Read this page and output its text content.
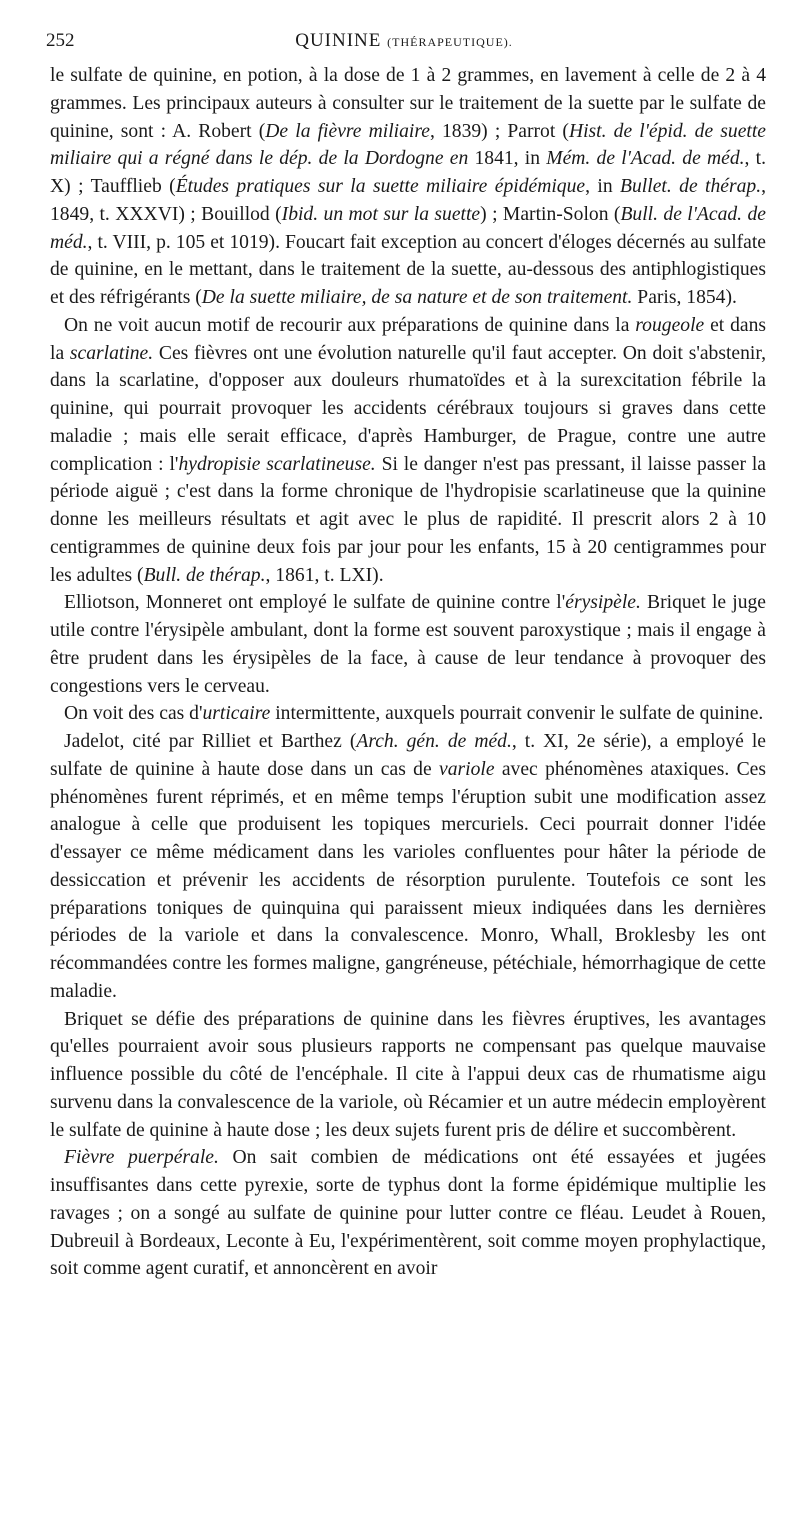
252	QUININE (THÉRAPEUTIQUE).

le sulfate de quinine, en potion, à la dose de 1 à 2 grammes, en lavement à celle de 2 à 4 grammes. Les principaux auteurs à consulter sur le traitement de la suette par le sulfate de quinine, sont : A. Robert (De la fièvre miliaire, 1839) ; Parrot (Hist. de l'épid. de suette miliaire qui a régné dans le dép. de la Dordogne en 1841, in Mém. de l'Acad. de méd., t. X) ; Taufflieb (Études pratiques sur la suette miliaire épidémique, in Bullet. de thérap., 1849, t. XXXVI) ; Bouillod (Ibid. un mot sur la suette) ; Martin-Solon (Bull. de l'Acad. de méd., t. VIII, p. 105 et 1019). Foucart fait exception au concert d'éloges décernés au sulfate de quinine, en le mettant, dans le traitement de la suette, au-dessous des antiphlogistiques et des réfrigérants (De la suette miliaire, de sa nature et de son traitement. Paris, 1854).

On ne voit aucun motif de recourir aux préparations de quinine dans la rougeole et dans la scarlatine. Ces fièvres ont une évolution naturelle qu'il faut accepter. On doit s'abstenir, dans la scarlatine, d'opposer aux douleurs rhumatoïdes et à la surexcitation fébrile la quinine, qui pourrait provoquer les accidents cérébraux toujours si graves dans cette maladie ; mais elle serait efficace, d'après Hamburger, de Prague, contre une autre complication : l'hydropisie scarlatineuse. Si le danger n'est pas pressant, il laisse passer la période aiguë ; c'est dans la forme chronique de l'hydropisie scarlatineuse que la quinine donne les meilleurs résultats et agit avec le plus de rapidité. Il prescrit alors 2 à 10 centigrammes de quinine deux fois par jour pour les enfants, 15 à 20 centigrammes pour les adultes (Bull. de thérap., 1861, t. LXI).

Elliotson, Monneret ont employé le sulfate de quinine contre l'érysipèle. Briquet le juge utile contre l'érysipèle ambulant, dont la forme est souvent paroxystique ; mais il engage à être prudent dans les érysipèles de la face, à cause de leur tendance à provoquer des congestions vers le cerveau.

On voit des cas d'urticaire intermittente, auxquels pourrait convenir le sulfate de quinine.

Jadelot, cité par Rilliet et Barthez (Arch. gén. de méd., t. XI, 2e série), a employé le sulfate de quinine à haute dose dans un cas de variole avec phénomènes ataxiques. Ces phénomènes furent réprimés, et en même temps l'éruption subit une modification assez analogue à celle que produisent les topiques mercuriels. Ceci pourrait donner l'idée d'essayer ce même médicament dans les varioles confluentes pour hâter la période de dessiccation et prévenir les accidents de résorption purulente. Toutefois ce sont les préparations toniques de quinquina qui paraissent mieux indiquées dans les dernières périodes de la variole et dans la convalescence. Monro, Whall, Broklesby les ont récommandées contre les formes maligne, gangréneuse, pétéchiale, hémorrhagique de cette maladie.

Briquet se défie des préparations de quinine dans les fièvres éruptives, les avantages qu'elles pourraient avoir sous plusieurs rapports ne compensant pas quelque mauvaise influence possible du côté de l'encéphale. Il cite à l'appui deux cas de rhumatisme aigu survenu dans la convalescence de la variole, où Récamier et un autre médecin employèrent le sulfate de quinine à haute dose ; les deux sujets furent pris de délire et succombèrent.

Fièvre puerpérale. On sait combien de médications ont été essayées et jugées insuffisantes dans cette pyrexie, sorte de typhus dont la forme épidémique multiplie les ravages ; on a songé au sulfate de quinine pour lutter contre ce fléau. Leudet à Rouen, Dubreuil à Bordeaux, Leconte à Eu, l'expérimentèrent, soit comme moyen prophylactique, soit comme agent curatif, et annoncèrent en avoir
